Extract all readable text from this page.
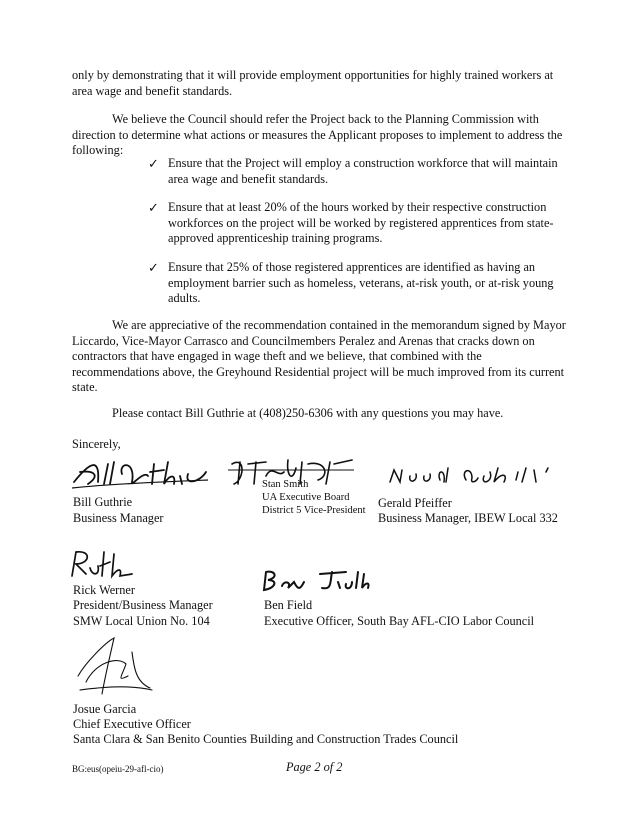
only by demonstrating that it will provide employment opportunities for highly trained workers at area wage and benefit standards.

We believe the Council should refer the Project back to the Planning Commission with direction to determine what actions or measures the Applicant proposes to implement to address the following:

✓ Ensure that the Project will employ a construction workforce that will maintain area wage and benefit standards.

✓ Ensure that at least 20% of the hours worked by their respective construction workforces on the project will be worked by registered apprentices from state-approved apprenticeship training programs.

✓ Ensure that 25% of those registered apprentices are identified as having an employment barrier such as homeless, veterans, at-risk youth, or at-risk young adults.

We are appreciative of the recommendation contained in the memorandum signed by Mayor Liccardo, Vice-Mayor Carrasco and Councilmembers Peralez and Arenas that cracks down on contractors that have engaged in wage theft and we believe, that combined with the recommendations above, the Greyhound Residential project will be much improved from its current state.

Please contact Bill Guthrie at (408)250-6306 with any questions you may have.

Sincerely,
Bill Guthrie
Business Manager
Stan Smith
UA Executive Board
District 5 Vice-President
Gerald Pfeiffer
Business Manager, IBEW Local 332
Rick Werner
President/Business Manager
SMW Local Union No. 104
Ben Field
Executive Officer, South Bay AFL-CIO Labor Council
Josue Garcia
Chief Executive Officer
Santa Clara & San Benito Counties Building and Construction Trades Council
BG:eus(opeiu-29-afl-cio)	Page 2 of 2
